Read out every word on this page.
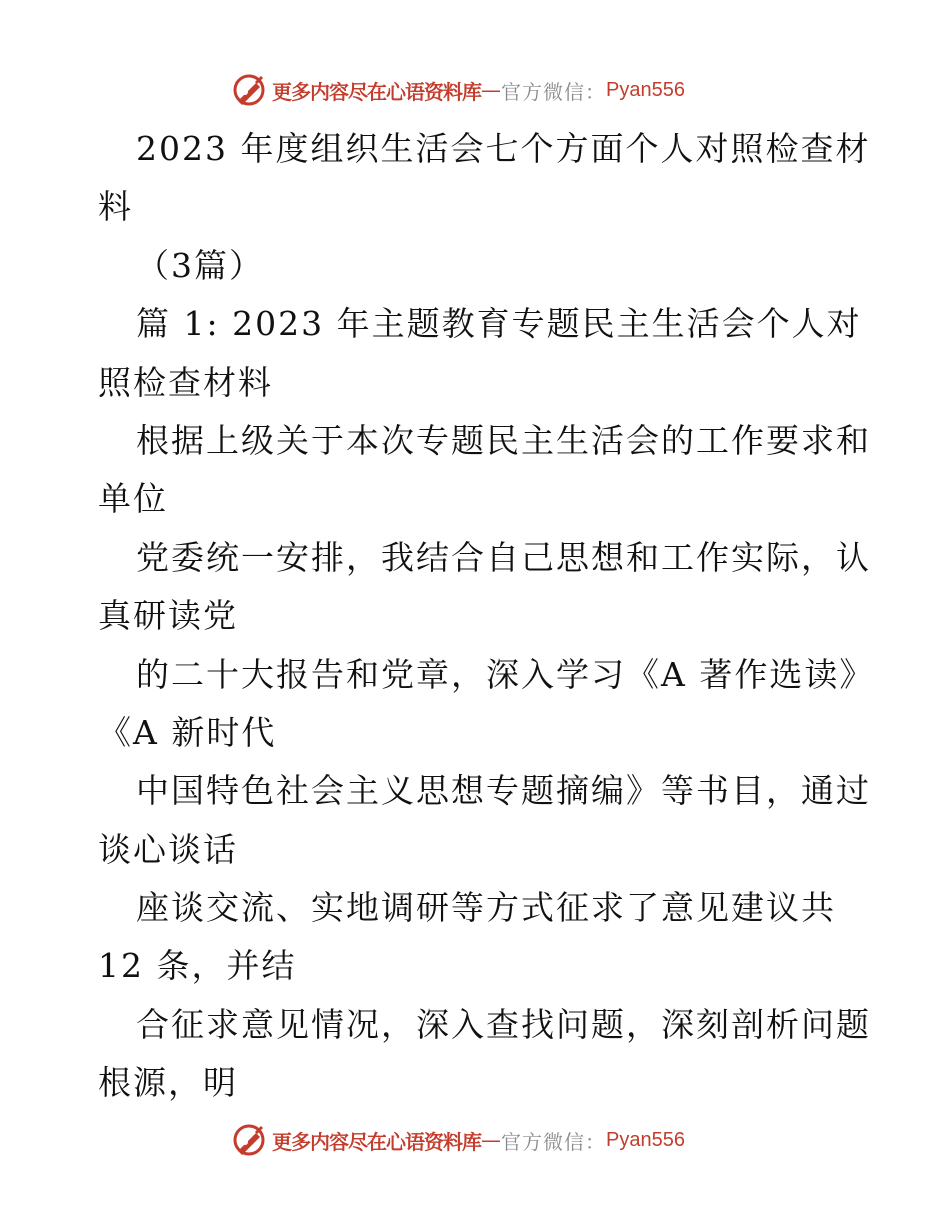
更多内容尽在心语资料库 — 官方微信： Pyan556
2023 年度组织生活会七个方面个人对照检查材
料
（3篇）
篇 1: 2023 年主题教育专题民主生活会个人对
照检查材料
根据上级关于本次专题民主生活会的工作要求和
单位
党委统一安排，我结合自己思想和工作实际，认
真研读党
的二十大报告和党章，深入学习《A 著作选读》
《A 新时代
中国特色社会主义思想专题摘编》等书目，通过
谈心谈话
座谈交流、实地调研等方式征求了意见建议共
12 条，并结
合征求意见情况，深入查找问题，深刻剖析问题
根源，明
更多内容尽在心语资料库 — 官方微信： Pyan556
